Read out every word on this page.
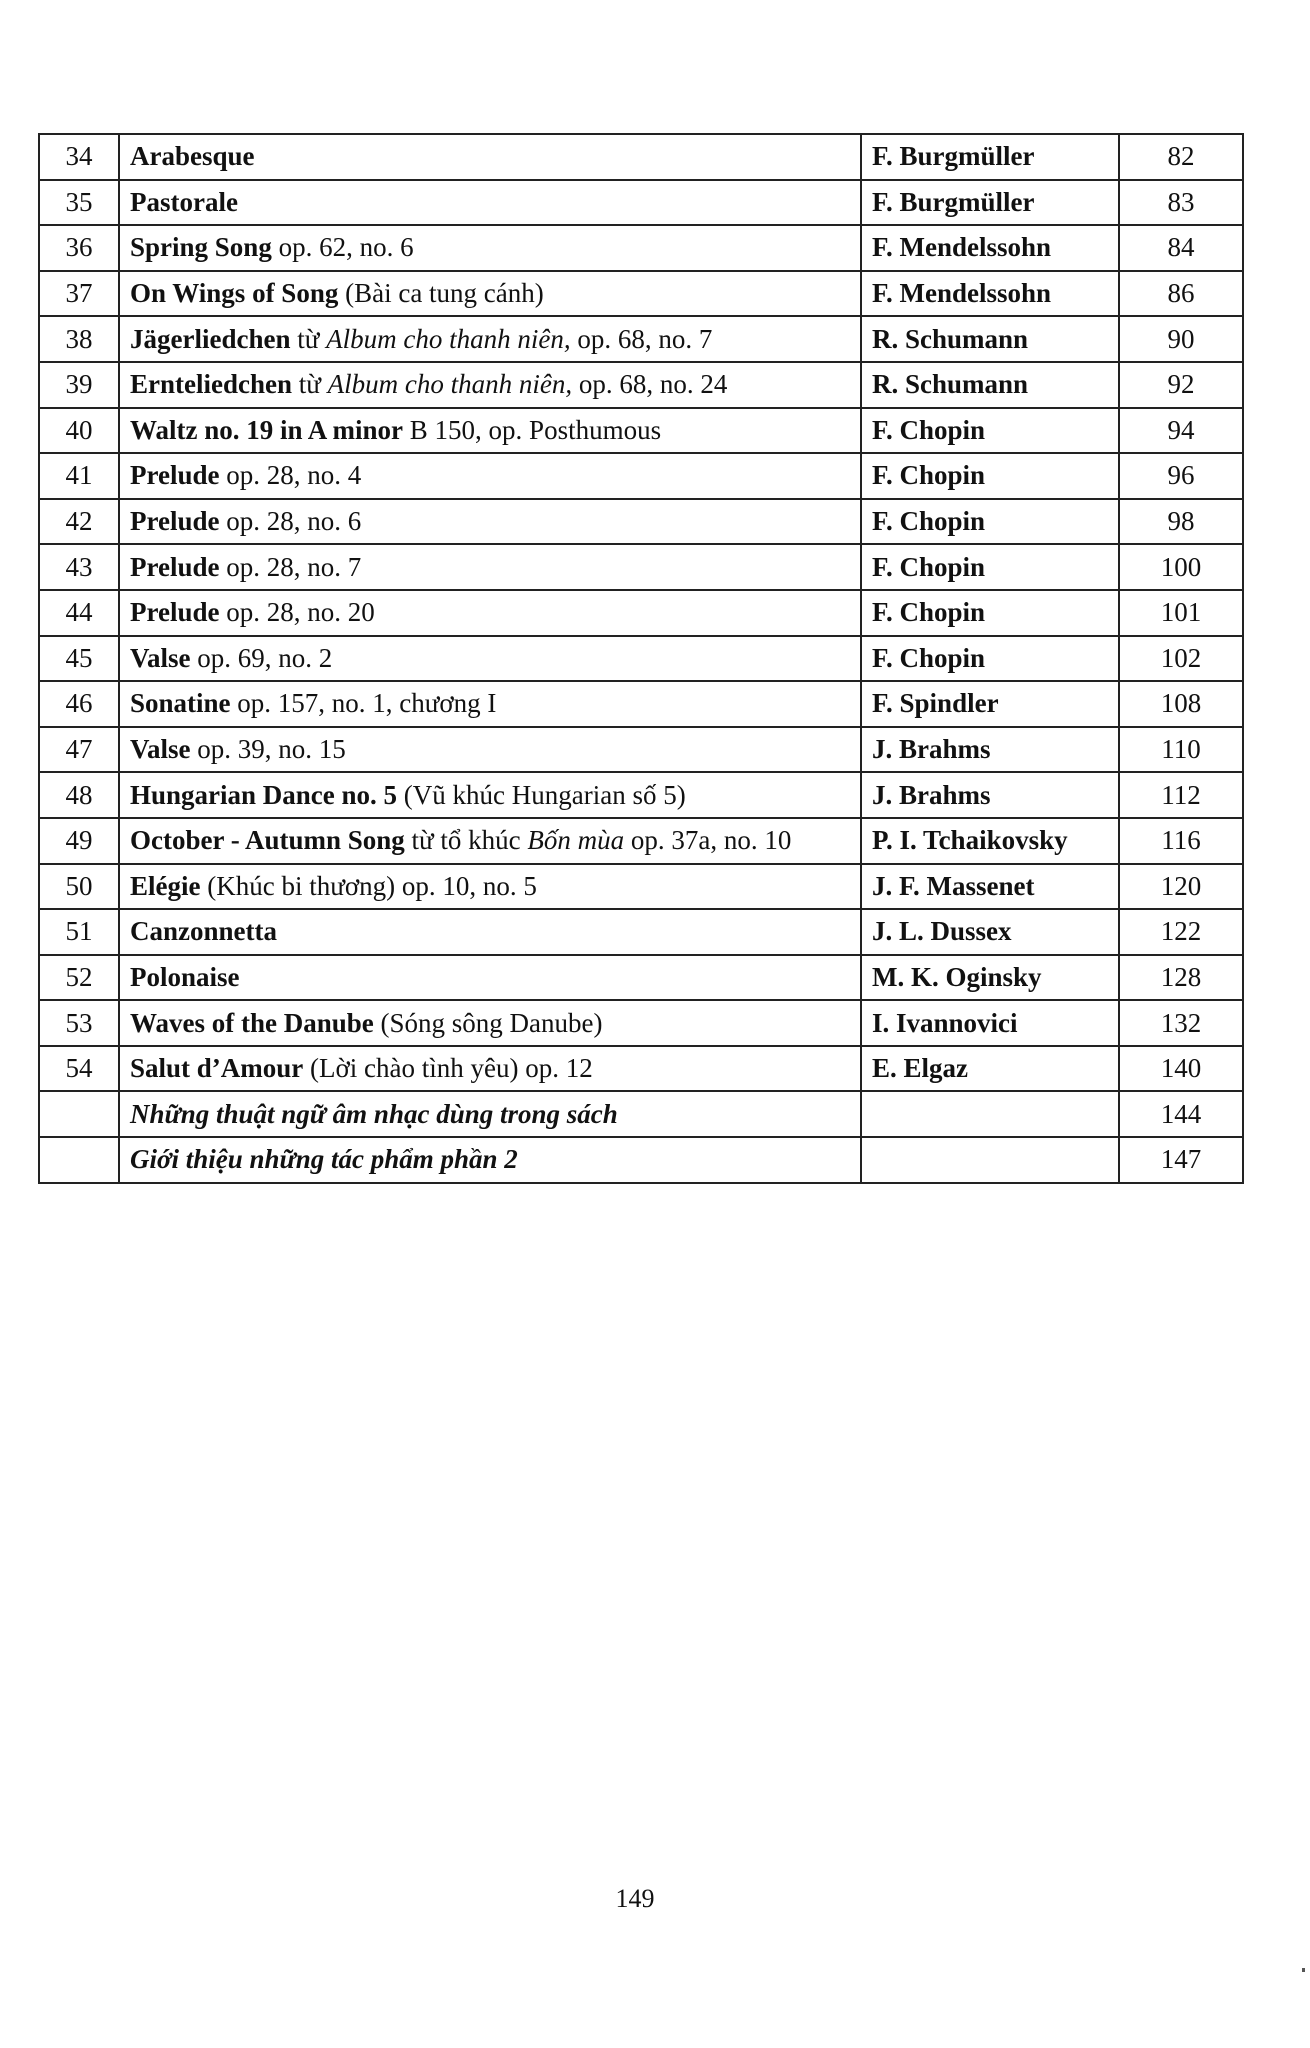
34	Arabesque	F. Burgmüller	82
35	Pastorale	F. Burgmüller	83
36	Spring Song op. 62, no. 6	F. Mendelssohn	84
37	On Wings of Song (Bài ca tung cánh)	F. Mendelssohn	86
38	Jägerliedchen từ Album cho thanh niên, op. 68, no. 7	R. Schumann	90
39	Ernteliedchen từ Album cho thanh niên, op. 68, no. 24	R. Schumann	92
40	Waltz no. 19 in A minor B 150, op. Posthumous	F. Chopin	94
41	Prelude op. 28, no. 4	F. Chopin	96
42	Prelude op. 28, no. 6	F. Chopin	98
43	Prelude op. 28, no. 7	F. Chopin	100
44	Prelude op. 28, no. 20	F. Chopin	101
45	Valse op. 69, no. 2	F. Chopin	102
46	Sonatine op. 157, no. 1, chương I	F. Spindler	108
47	Valse op. 39, no. 15	J. Brahms	110
48	Hungarian Dance no. 5 (Vũ khúc Hungarian số 5)	J. Brahms	112
49	October - Autumn Song từ tổ khúc Bốn mùa op. 37a, no. 10	P. I. Tchaikovsky	116
50	Elégie (Khúc bi thương) op. 10, no. 5	J. F. Massenet	120
51	Canzonnetta	J. L. Dussex	122
52	Polonaise	M. K. Oginsky	128
53	Waves of the Danube (Sóng sông Danube)	I. Ivannovici	132
54	Salut d’Amour (Lời chào tình yêu) op. 12	E. Elgaz	140
	Những thuật ngữ âm nhạc dùng trong sách		144
	Giới thiệu những tác phẩm phần 2		147
149
